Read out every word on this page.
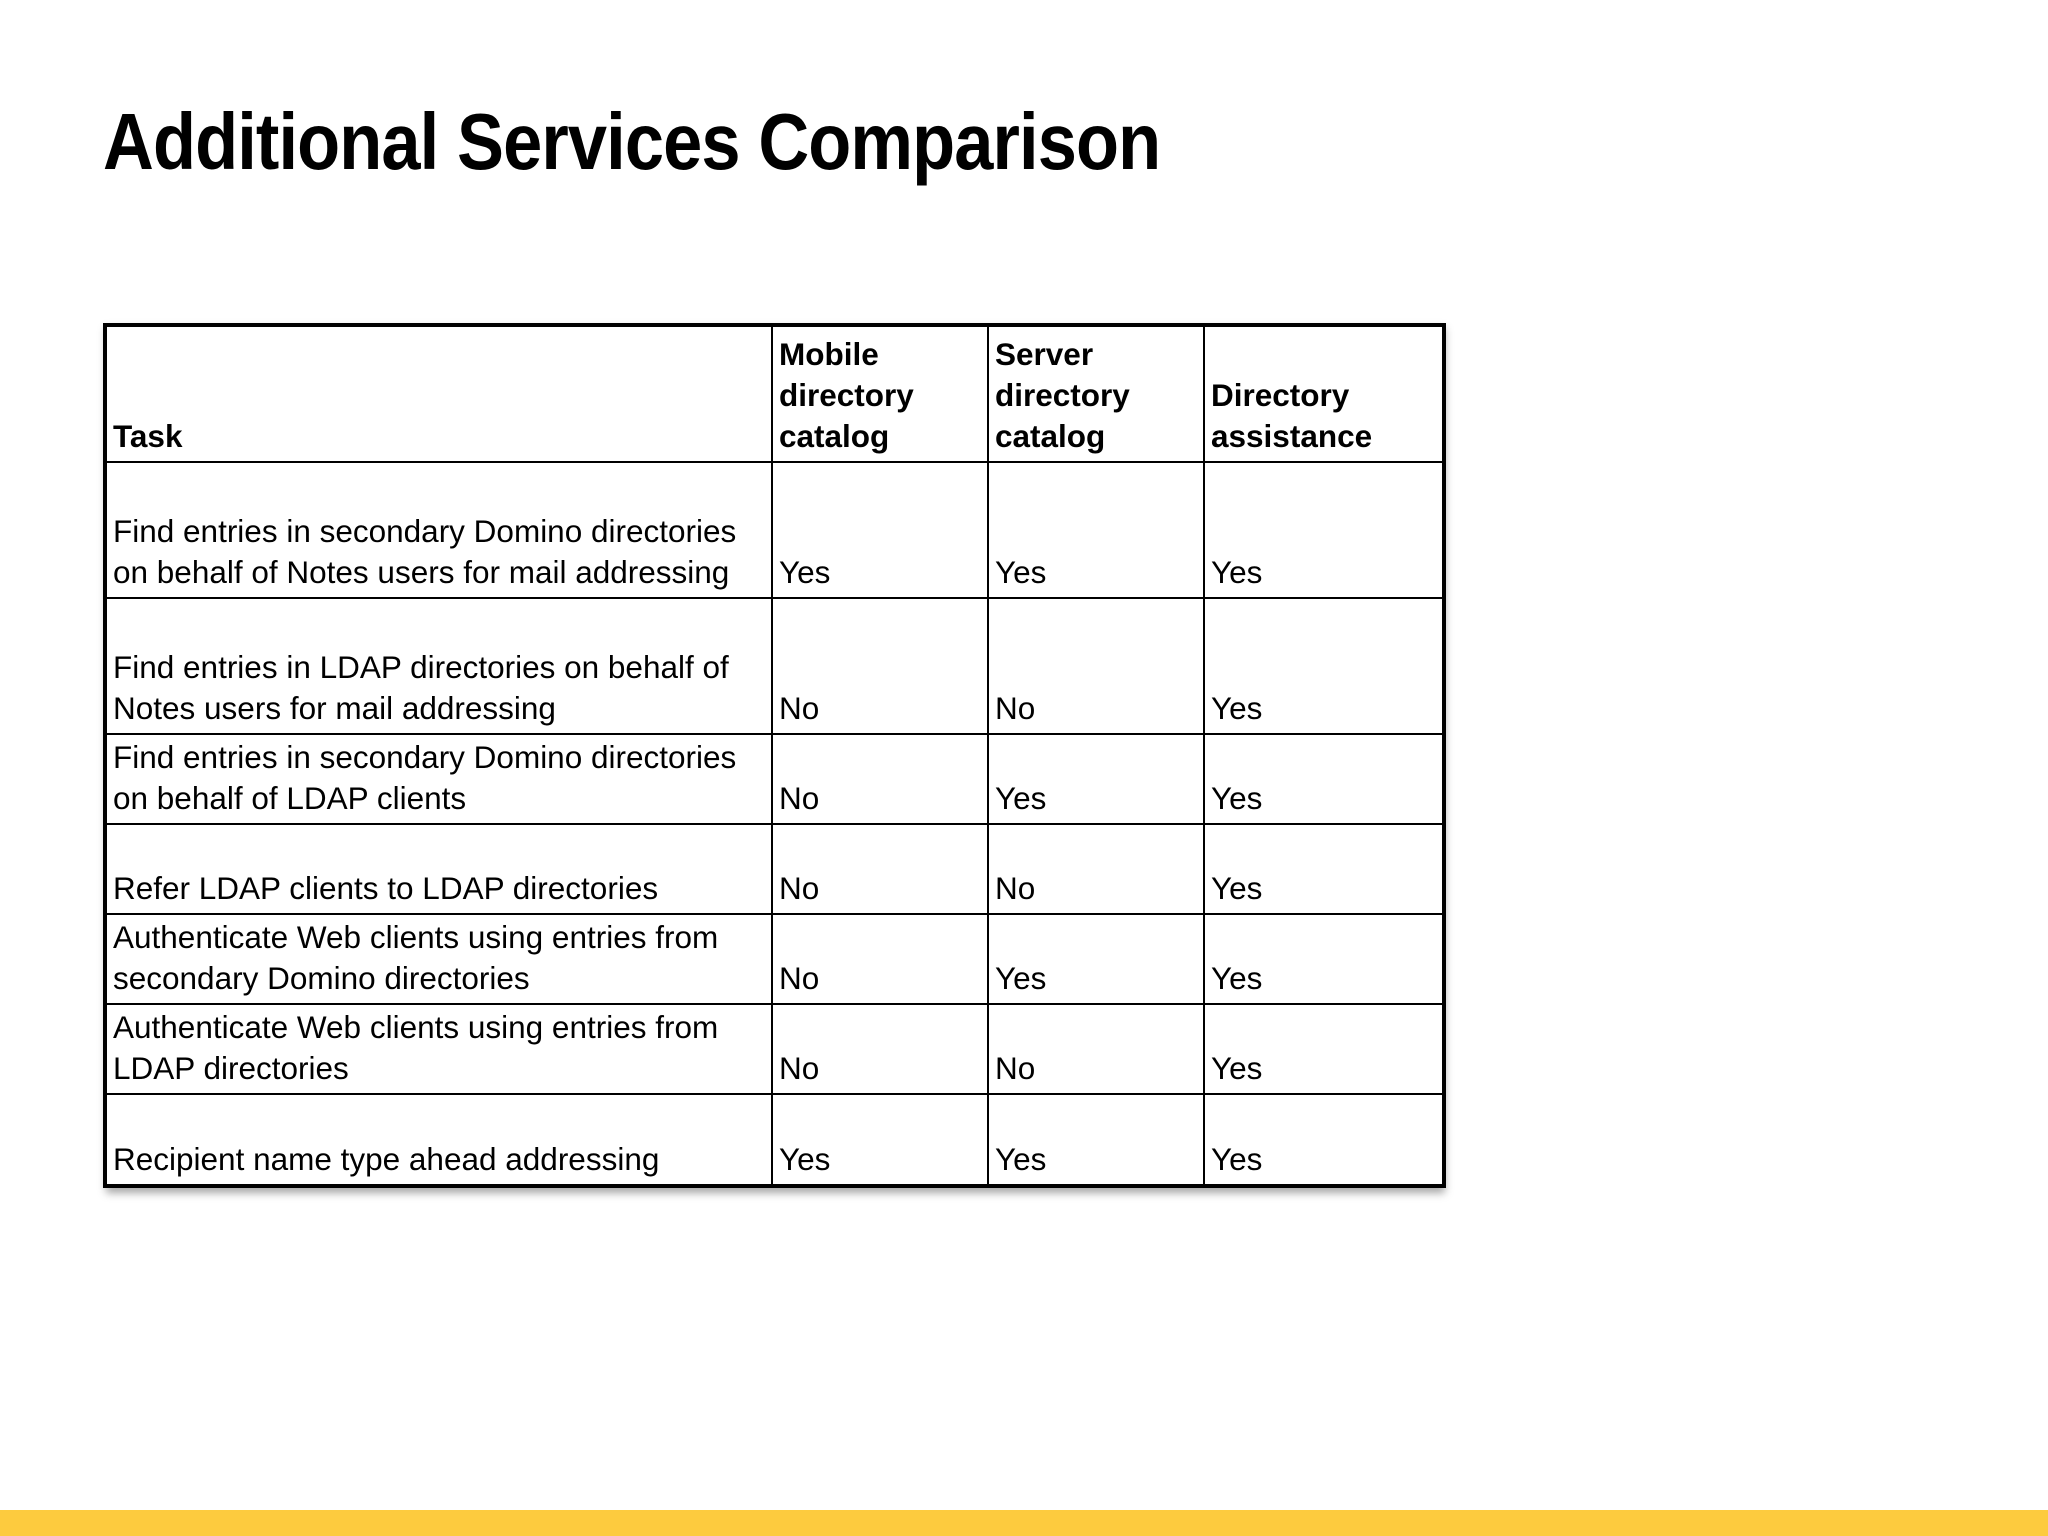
Additional Services Comparison
Task	Mobile directory catalog	Server directory catalog	Directory assistance
Find entries in secondary Domino directories on behalf of Notes users for mail addressing	Yes	Yes	Yes
Find entries in LDAP directories on behalf of Notes users for mail addressing	No	No	Yes
Find entries in secondary Domino directories on behalf of LDAP clients	No	Yes	Yes
Refer LDAP clients to LDAP directories	No	No	Yes
Authenticate Web clients using entries from secondary Domino directories	No	Yes	Yes
Authenticate Web clients using entries from LDAP directories	No	No	Yes
Recipient name type ahead addressing	Yes	Yes	Yes
